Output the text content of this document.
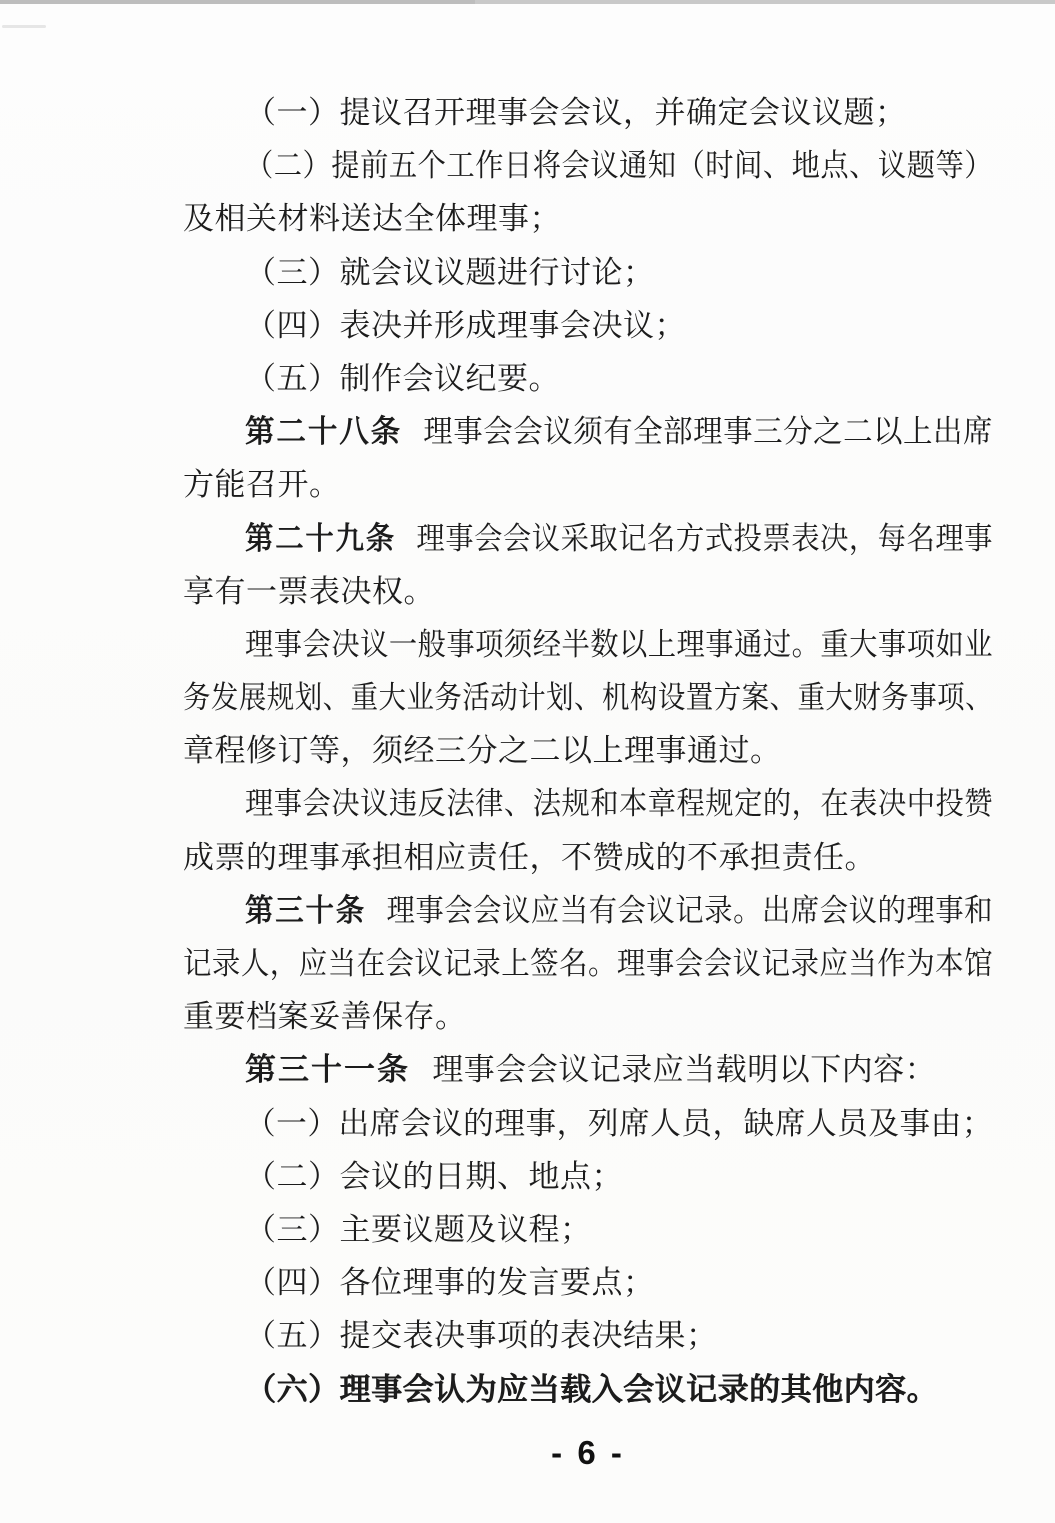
（一）提议召开理事会会议，并确定会议议题；
（二）提前五个工作日将会议通知（时间、地点、议题等）
及相关材料送达全体理事；
（三）就会议议题进行讨论；
（四）表决并形成理事会决议；
（五）制作会议纪要。
第二十八条 理事会会议须有全部理事三分之二以上出席
方能召开。
第二十九条 理事会会议采取记名方式投票表决，每名理事
享有一票表决权。
理事会决议一般事项须经半数以上理事通过。重大事项如业
务发展规划、重大业务活动计划、机构设置方案、重大财务事项、
章程修订等，须经三分之二以上理事通过。
理事会决议违反法律、法规和本章程规定的，在表决中投赞
成票的理事承担相应责任，不赞成的不承担责任。
第三十条 理事会会议应当有会议记录。出席会议的理事和
记录人，应当在会议记录上签名。理事会会议记录应当作为本馆
重要档案妥善保存。
第三十一条 理事会会议记录应当载明以下内容：
（一）出席会议的理事，列席人员，缺席人员及事由；
（二）会议的日期、地点；
（三）主要议题及议程；
（四）各位理事的发言要点；
（五）提交表决事项的表决结果；
（六）理事会认为应当载入会议记录的其他内容。
- 6 -
